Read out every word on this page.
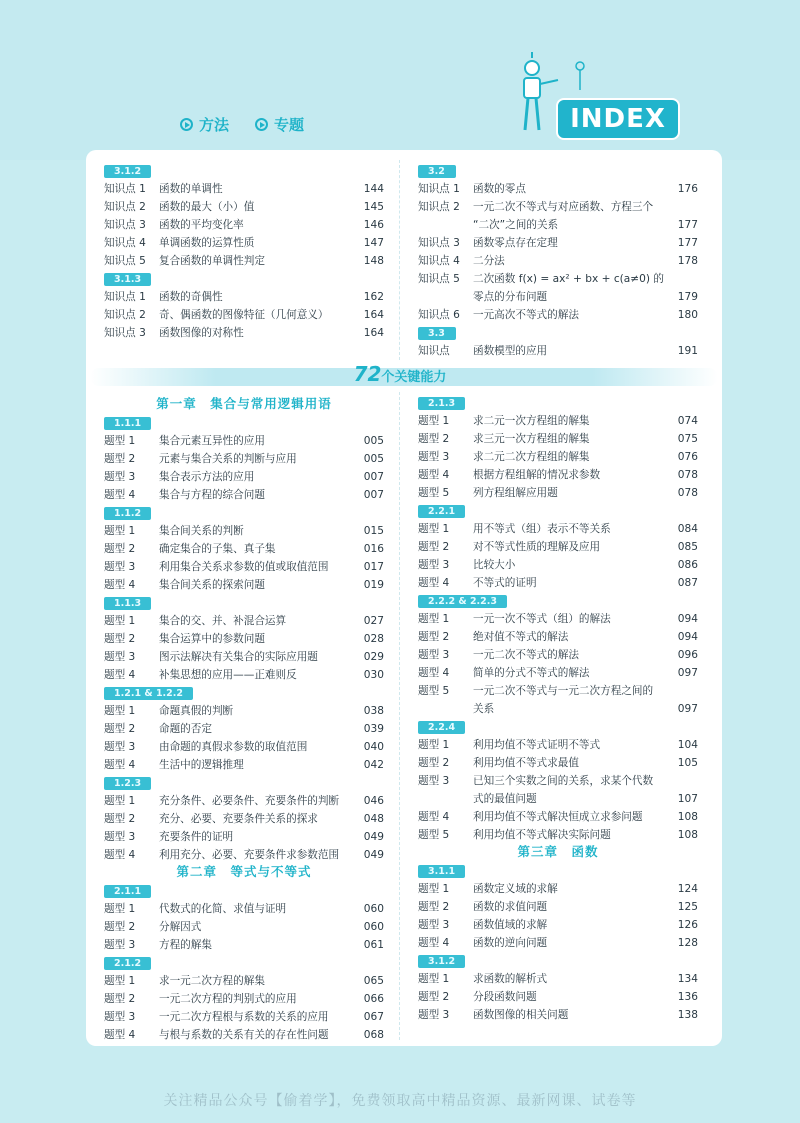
方法	专题	INDEX
3.1.2
知识点 1	函数的单调性	144
知识点 2	函数的最大（小）值	145
知识点 3	函数的平均变化率	146
知识点 4	单调函数的运算性质	147
知识点 5	复合函数的单调性判定	148
3.1.3
知识点 1	函数的奇偶性	162
知识点 2	奇、偶函数的图像特征（几何意义）	164
知识点 3	函数图像的对称性	164
3.2
知识点 1	函数的零点	176
知识点 2	一元二次不等式与对应函数、方程三个
“二次”之间的关系	177
知识点 3	函数零点存在定理	177
知识点 4	二分法	178
知识点 5	二次函数 f(x) = ax² + bx + c(a≠0) 的
零点的分布问题	179
知识点 6	一元高次不等式的解法	180
3.3
知识点	函数模型的应用	191
72个关键能力
第一章　集合与常用逻辑用语
1.1.1
题型 1	集合元素互异性的应用	005
题型 2	元素与集合关系的判断与应用	005
题型 3	集合表示方法的应用	007
题型 4	集合与方程的综合问题	007
1.1.2
题型 1	集合间关系的判断	015
题型 2	确定集合的子集、真子集	016
题型 3	利用集合关系求参数的值或取值范围	017
题型 4	集合间关系的探索问题	019
1.1.3
题型 1	集合的交、并、补混合运算	027
题型 2	集合运算中的参数问题	028
题型 3	图示法解决有关集合的实际应用题	029
题型 4	补集思想的应用——正难则反	030
1.2.1 & 1.2.2
题型 1	命题真假的判断	038
题型 2	命题的否定	039
题型 3	由命题的真假求参数的取值范围	040
题型 4	生活中的逻辑推理	042
1.2.3
题型 1	充分条件、必要条件、充要条件的判断	046
题型 2	充分、必要、充要条件关系的探求	048
题型 3	充要条件的证明	049
题型 4	利用充分、必要、充要条件求参数范围	049
第二章　等式与不等式
2.1.1
题型 1	代数式的化简、求值与证明	060
题型 2	分解因式	060
题型 3	方程的解集	061
2.1.2
题型 1	求一元二次方程的解集	065
题型 2	一元二次方程的判别式的应用	066
题型 3	一元二次方程根与系数的关系的应用	067
题型 4	与根与系数的关系有关的存在性问题	068
2.1.3
题型 1	求二元一次方程组的解集	074
题型 2	求三元一次方程组的解集	075
题型 3	求二元二次方程组的解集	076
题型 4	根据方程组解的情况求参数	078
题型 5	列方程组解应用题	078
2.2.1
题型 1	用不等式（组）表示不等关系	084
题型 2	对不等式性质的理解及应用	085
题型 3	比较大小	086
题型 4	不等式的证明	087
2.2.2 & 2.2.3
题型 1	一元一次不等式（组）的解法	094
题型 2	绝对值不等式的解法	094
题型 3	一元二次不等式的解法	096
题型 4	简单的分式不等式的解法	097
题型 5	一元二次不等式与一元二次方程之间的
关系	097
2.2.4
题型 1	利用均值不等式证明不等式	104
题型 2	利用均值不等式求最值	105
题型 3	已知三个实数之间的关系，求某个代数
式的最值问题	107
题型 4	利用均值不等式解决恒成立求参问题	108
题型 5	利用均值不等式解决实际问题	108
第三章　函数
3.1.1
题型 1	函数定义域的求解	124
题型 2	函数的求值问题	125
题型 3	函数值域的求解	126
题型 4	函数的逆向问题	128
3.1.2
题型 1	求函数的解析式	134
题型 2	分段函数问题	136
题型 3	函数图像的相关问题	138
关注精品公众号【偷着学】，免费领取高中精品资源、最新网课、试卷等
